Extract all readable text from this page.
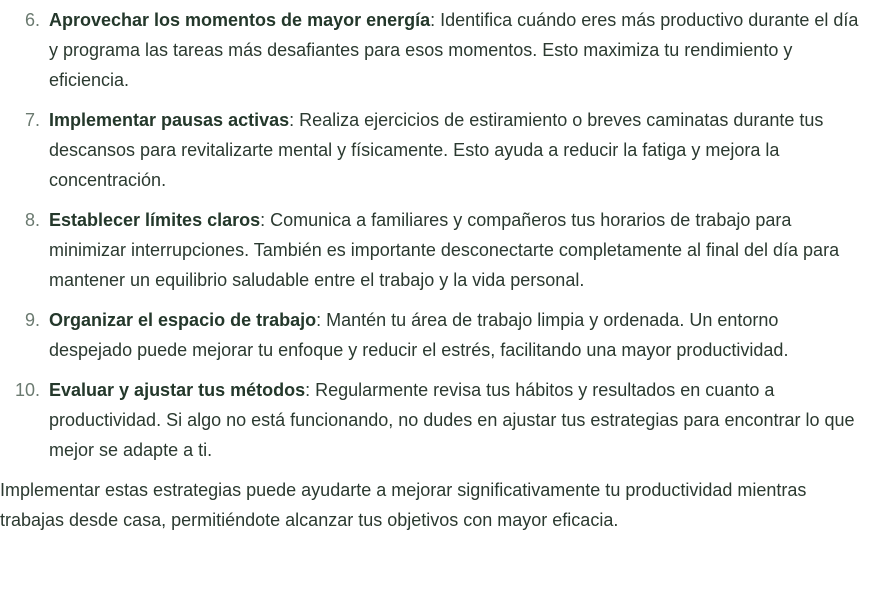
6. Aprovechar los momentos de mayor energía: Identifica cuándo eres más productivo durante el día y programa las tareas más desafiantes para esos momentos. Esto maximiza tu rendimiento y eficiencia.
7. Implementar pausas activas: Realiza ejercicios de estiramiento o breves caminatas durante tus descansos para revitalizarte mental y físicamente. Esto ayuda a reducir la fatiga y mejora la concentración.
8. Establecer límites claros: Comunica a familiares y compañeros tus horarios de trabajo para minimizar interrupciones. También es importante desconectarte completamente al final del día para mantener un equilibrio saludable entre el trabajo y la vida personal.
9. Organizar el espacio de trabajo: Mantén tu área de trabajo limpia y ordenada. Un entorno despejado puede mejorar tu enfoque y reducir el estrés, facilitando una mayor productividad.
10. Evaluar y ajustar tus métodos: Regularmente revisa tus hábitos y resultados en cuanto a productividad. Si algo no está funcionando, no dudes en ajustar tus estrategias para encontrar lo que mejor se adapte a ti.

Implementar estas estrategias puede ayudarte a mejorar significativamente tu productividad mientras trabajas desde casa, permitiéndote alcanzar tus objetivos con mayor eficacia.
